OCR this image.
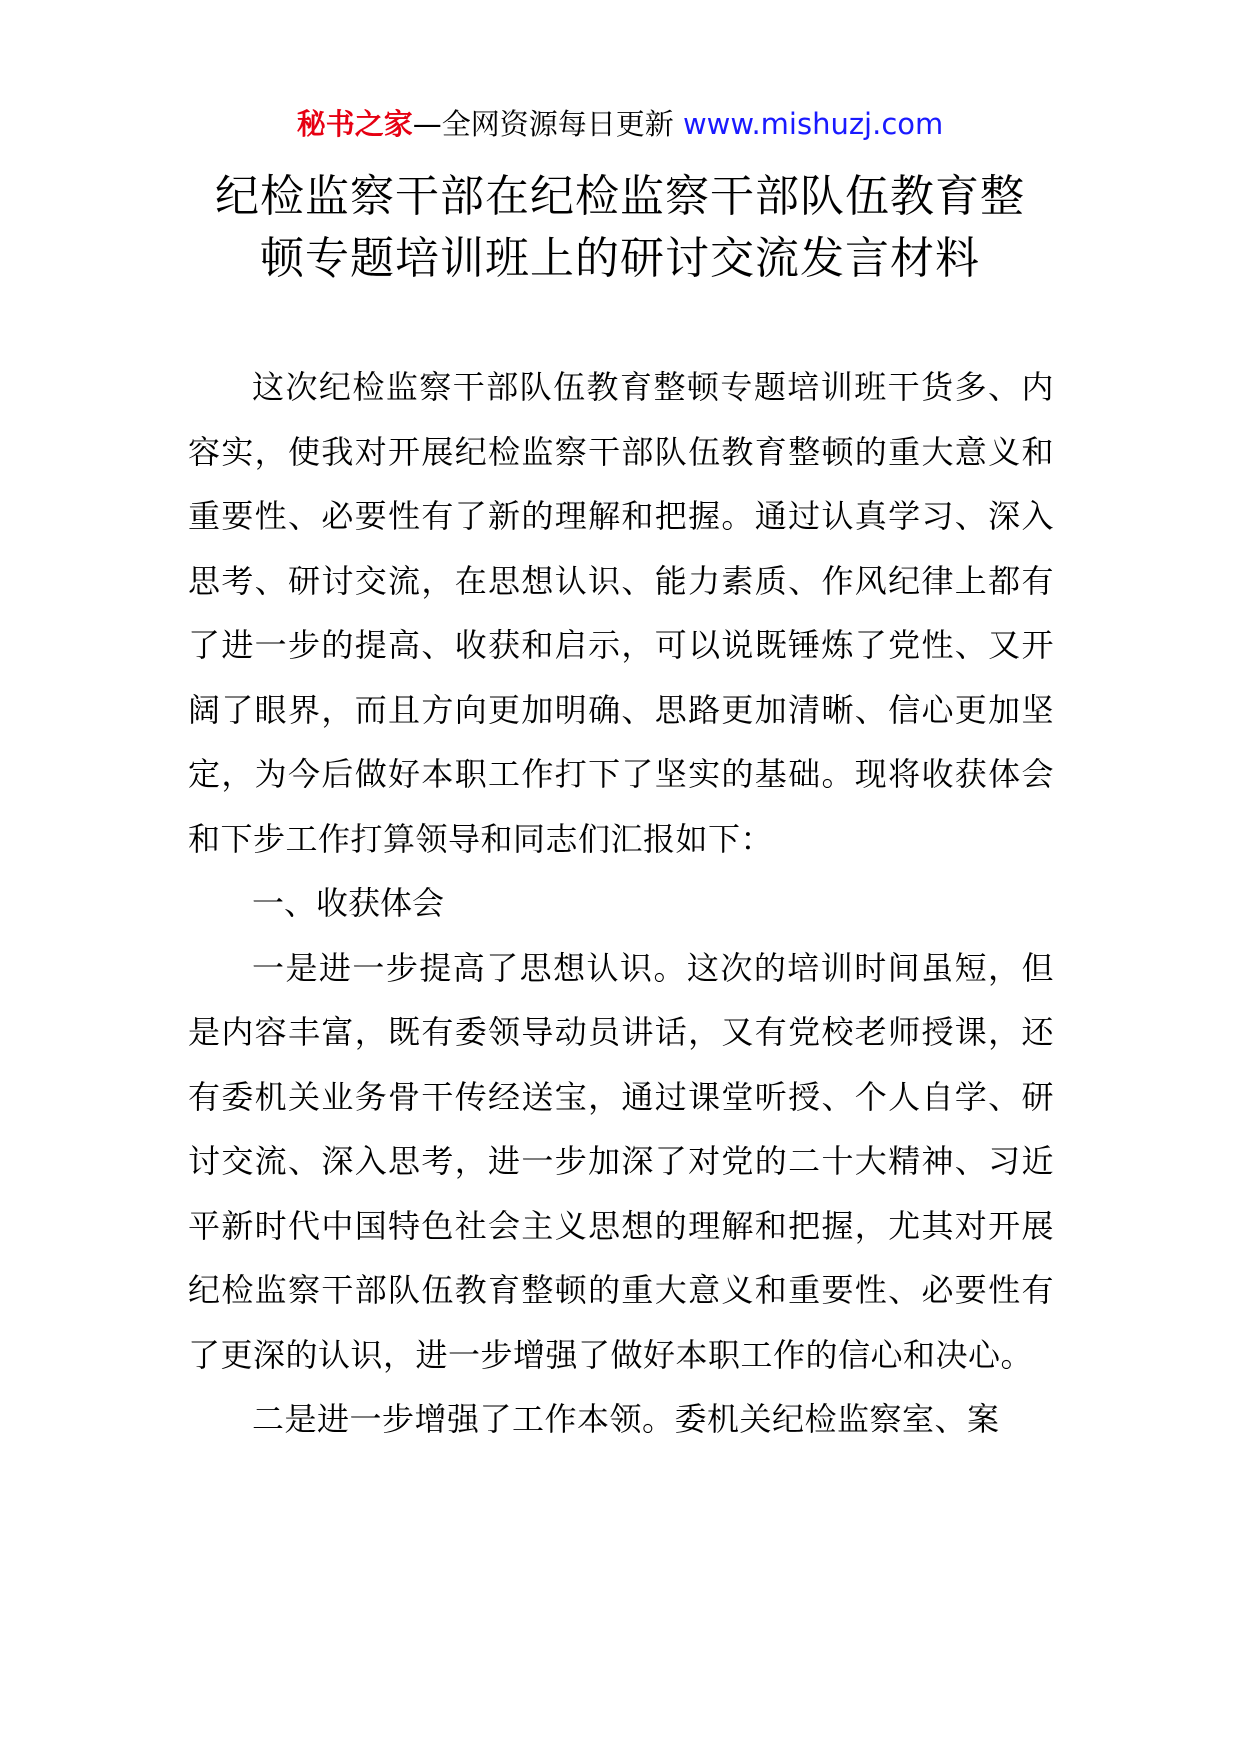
秘书之家—全网资源每日更新 www.mishuzj.com
纪检监察干部在纪检监察干部队伍教育整
顿专题培训班上的研讨交流发言材料

这次纪检监察干部队伍教育整顿专题培训班干货多、内容实，使我对开展纪检监察干部队伍教育整顿的重大意义和重要性、必要性有了新的理解和把握。通过认真学习、深入思考、研讨交流，在思想认识、能力素质、作风纪律上都有了进一步的提高、收获和启示，可以说既锤炼了党性、又开阔了眼界，而且方向更加明确、思路更加清晰、信心更加坚定，为今后做好本职工作打下了坚实的基础。现将收获体会和下步工作打算领导和同志们汇报如下：

一、收获体会

一是进一步提高了思想认识。这次的培训时间虽短，但是内容丰富，既有委领导动员讲话，又有党校老师授课，还有委机关业务骨干传经送宝，通过课堂听授、个人自学、研讨交流、深入思考，进一步加深了对党的二十大精神、习近平新时代中国特色社会主义思想的理解和把握，尤其对开展纪检监察干部队伍教育整顿的重大意义和重要性、必要性有了更深的认识，进一步增强了做好本职工作的信心和决心。

二是进一步增强了工作本领。委机关纪检监察室、案
